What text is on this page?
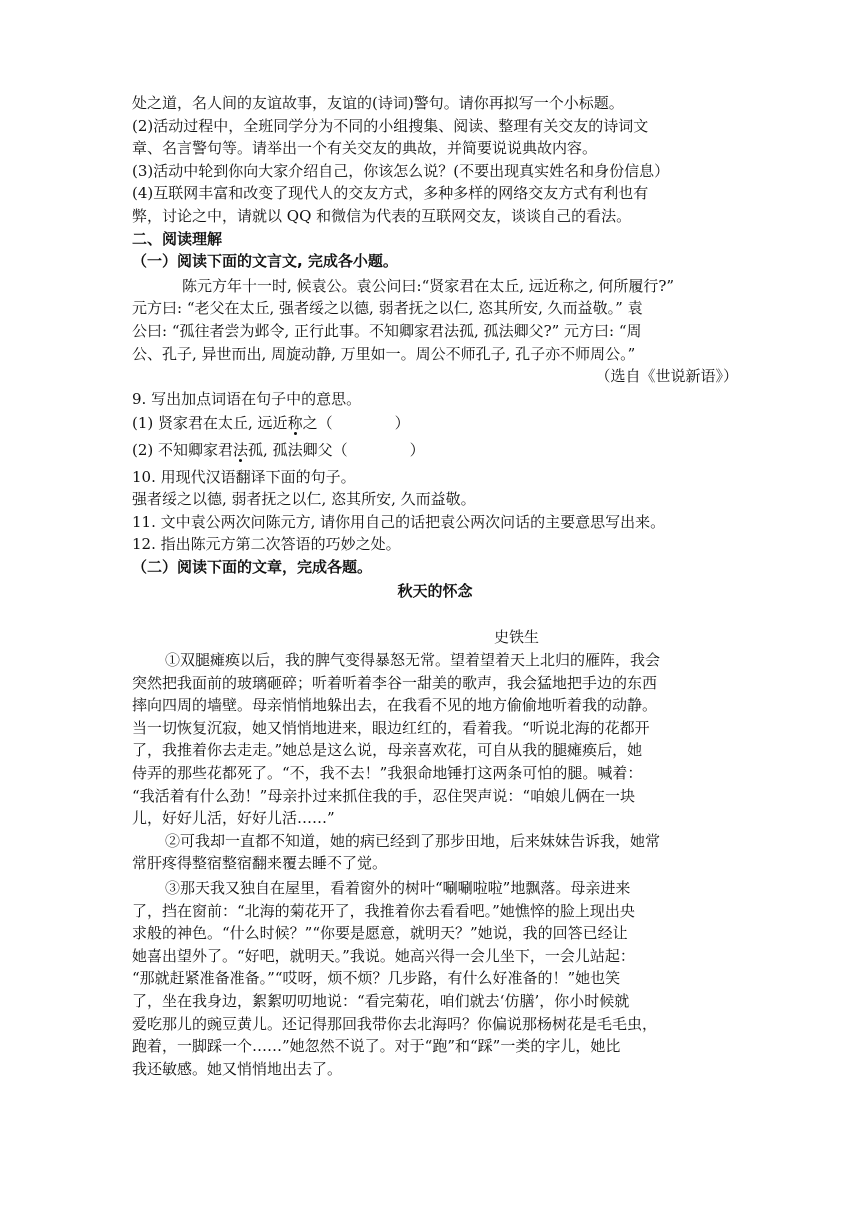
处之道，名人间的友谊故事，友谊的(诗词)警句。请你再拟写一个小标题。
(2)活动过程中，全班同学分为不同的小组搜集、阅读、整理有关交友的诗词文
章、名言警句等。请举出一个有关交友的典故，并简要说说典故内容。
(3)活动中轮到你向大家介绍自己，你该怎么说？(不要出现真实姓名和身份信息）
(4)互联网丰富和改变了现代人的交友方式，多种多样的网络交友方式有利也有
弊，讨论之中，请就以 QQ 和微信为代表的互联网交友，谈谈自己的看法。
二、阅读理解
（一）阅读下面的文言文, 完成各小题。
陈元方年十一时, 候袁公。袁公问曰:“贤家君在太丘, 远近称之, 何所履行?”
元方曰: “老父在太丘, 强者绥之以德, 弱者抚之以仁, 恣其所安, 久而益敬。” 袁
公曰: “孤往者尝为邺令, 正行此事。不知卿家君法孤, 孤法卿父?” 元方曰: “周
公、孔子, 异世而出, 周旋动静, 万里如一。周公不师孔子, 孔子亦不师周公。”
（选自《世说新语》）
9. 写出加点词语在句子中的意思。
(1) 贤家君在太丘, 远近称之（	）
(2) 不知卿家君法孤, 孤法卿父（	）
10. 用现代汉语翻译下面的句子。
强者绥之以德, 弱者抚之以仁, 恣其所安, 久而益敬。
11. 文中袁公两次问陈元方, 请你用自己的话把袁公两次问话的主要意思写出来。
12. 指出陈元方第二次答语的巧妙之处。
（二）阅读下面的文章，完成各题。
秋天的怀念
史铁生
①双腿瘫痪以后，我的脾气变得暴怒无常。望着望着天上北归的雁阵，我会
突然把我面前的玻璃砸碎；听着听着李谷一甜美的歌声，我会猛地把手边的东西
摔向四周的墙壁。母亲悄悄地躲出去，在我看不见的地方偷偷地听着我的动静。
当一切恢复沉寂，她又悄悄地进来，眼边红红的，看着我。“听说北海的花都开
了，我推着你去走走。”她总是这么说，母亲喜欢花，可自从我的腿瘫痪后，她
侍弄的那些花都死了。“不，我不去！”我狠命地锤打这两条可怕的腿。喊着：
“我活着有什么劲！”母亲扑过来抓住我的手，忍住哭声说：“咱娘儿俩在一块
儿，好好儿活，好好儿活……”
②可我却一直都不知道，她的病已经到了那步田地，后来妹妹告诉我，她常
常肝疼得整宿整宿翻来覆去睡不了觉。
③那天我又独自在屋里，看着窗外的树叶“唰唰啦啦”地飘落。母亲进来
了，挡在窗前：“北海的菊花开了，我推着你去看看吧。”她憔悴的脸上现出央
求般的神色。“什么时候？”“你要是愿意，就明天？”她说，我的回答已经让
她喜出望外了。“好吧，就明天。”我说。她高兴得一会儿坐下，一会儿站起：
“那就赶紧准备准备。”“哎呀，烦不烦？几步路，有什么好准备的！”她也笑
了，坐在我身边，絮絮叨叨地说：“看完菊花，咱们就去‘仿膳’，你小时候就
爱吃那儿的豌豆黄儿。还记得那回我带你去北海吗？你偏说那杨树花是毛毛虫，
跑着，一脚踩一个……”她忽然不说了。对于“跑”和“踩”一类的字儿，她比
我还敏感。她又悄悄地出去了。
